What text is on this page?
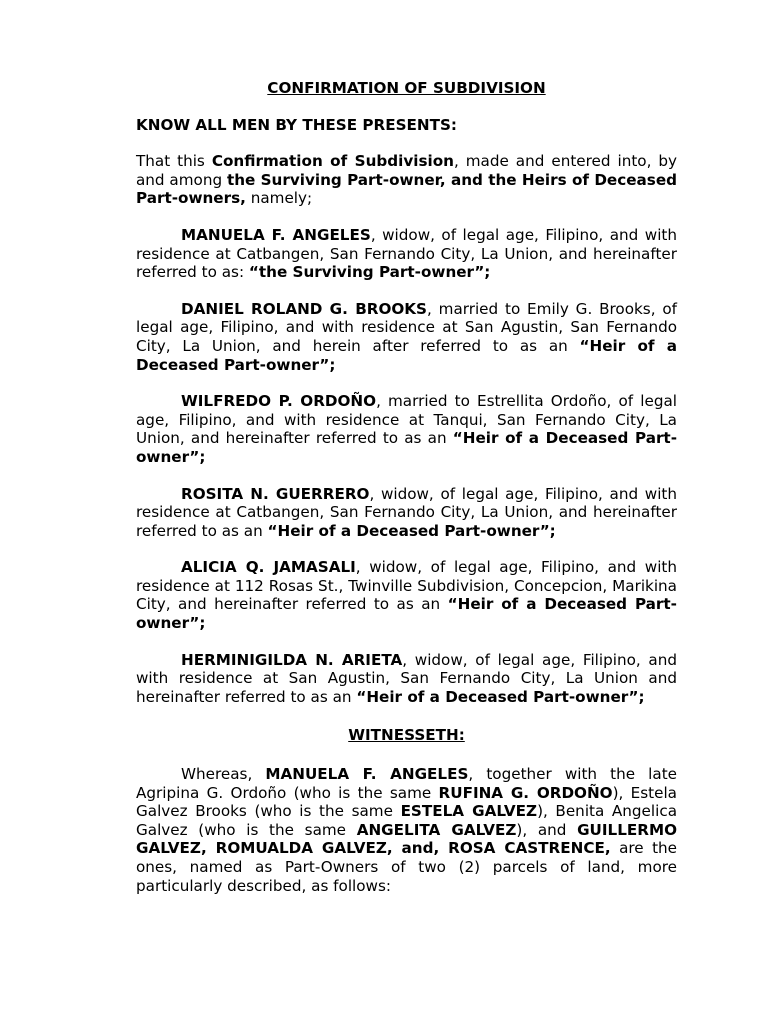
CONFIRMATION OF SUBDIVISION

KNOW ALL MEN BY THESE PRESENTS:

That this Confirmation of Subdivision, made and entered into, by and among the Surviving Part-owner, and the Heirs of Deceased Part-owners, namely;

MANUELA F. ANGELES, widow, of legal age, Filipino, and with residence at Catbangen, San Fernando City, La Union, and hereinafter referred to as: “the Surviving Part-owner”;

DANIEL ROLAND G. BROOKS, married to Emily G. Brooks, of legal age, Filipino, and with residence at San Agustin, San Fernando City, La Union, and herein after referred to as an “Heir of a Deceased Part-owner”;

WILFREDO P. ORDOÑO, married to Estrellita Ordoño, of legal age, Filipino, and with residence at Tanqui, San Fernando City, La Union, and hereinafter referred to as an “Heir of a Deceased Part-owner”;

ROSITA N. GUERRERO, widow, of legal age, Filipino, and with residence at Catbangen, San Fernando City, La Union, and hereinafter referred to as an “Heir of a Deceased Part-owner”;

ALICIA Q. JAMASALI, widow, of legal age, Filipino, and with residence at 112 Rosas St., Twinville Subdivision, Concepcion, Marikina City, and hereinafter referred to as an “Heir of a Deceased Part-owner”;

HERMINIGILDA N. ARIETA, widow, of legal age, Filipino, and with residence at San Agustin, San Fernando City, La Union and hereinafter referred to as an “Heir of a Deceased Part-owner”;

WITNESSETH:

Whereas, MANUELA F. ANGELES, together with the late Agripina G. Ordoño (who is the same RUFINA G. ORDOÑO), Estela Galvez Brooks (who is the same ESTELA GALVEZ), Benita Angelica Galvez (who is the same ANGELITA GALVEZ), and GUILLERMO GALVEZ, ROMUALDA GALVEZ, and, ROSA CASTRENCE, are the ones, named as Part-Owners of two (2) parcels of land, more particularly described, as follows:
